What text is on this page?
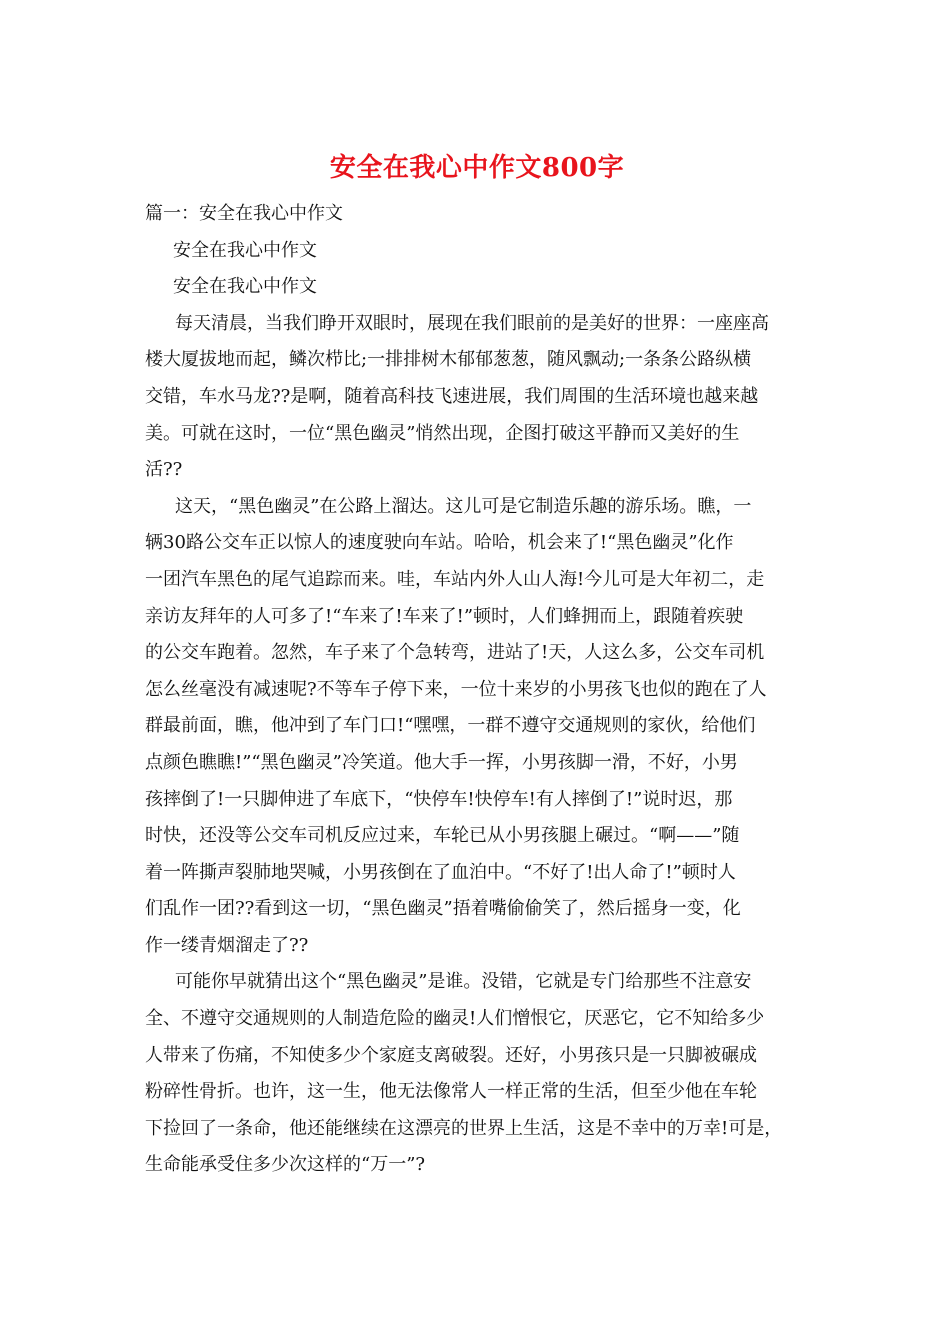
安全在我心中作文800字

篇一：安全在我心中作文

安全在我心中作文

安全在我心中作文

每天清晨，当我们睁开双眼时，展现在我们眼前的是美好的世界：一座座高

楼大厦拔地而起，鳞次栉比;一排排树木郁郁葱葱，随风飘动;一条条公路纵横

交错，车水马龙??是啊，随着高科技飞速进展，我们周围的生活环境也越来越

美。可就在这时，一位“黑色幽灵”悄然出现，企图打破这平静而又美好的生

活??

这天，“黑色幽灵”在公路上溜达。这儿可是它制造乐趣的游乐场。瞧，一

辆30路公交车正以惊人的速度驶向车站。哈哈，机会来了!“黑色幽灵”化作

一团汽车黑色的尾气追踪而来。哇，车站内外人山人海!今儿可是大年初二，走

亲访友拜年的人可多了!“车来了!车来了!”顿时，人们蜂拥而上，跟随着疾驶

的公交车跑着。忽然，车子来了个急转弯，进站了!天，人这么多，公交车司机

怎么丝毫没有减速呢?不等车子停下来，一位十来岁的小男孩飞也似的跑在了人

群最前面，瞧，他冲到了车门口!“嘿嘿，一群不遵守交通规则的家伙，给他们

点颜色瞧瞧!”“黑色幽灵”冷笑道。他大手一挥，小男孩脚一滑，不好，小男

孩摔倒了!一只脚伸进了车底下，“快停车!快停车!有人摔倒了!”说时迟，那

时快，还没等公交车司机反应过来，车轮已从小男孩腿上碾过。“啊——”随

着一阵撕声裂肺地哭喊，小男孩倒在了血泊中。“不好了!出人命了!”顿时人

们乱作一团??看到这一切，“黑色幽灵”捂着嘴偷偷笑了，然后摇身一变，化

作一缕青烟溜走了??

可能你早就猜出这个“黑色幽灵”是谁。没错，它就是专门给那些不注意安

全、不遵守交通规则的人制造危险的幽灵!人们憎恨它，厌恶它，它不知给多少

人带来了伤痛，不知使多少个家庭支离破裂。还好，小男孩只是一只脚被碾成

粉碎性骨折。也许，这一生，他无法像常人一样正常的生活，但至少他在车轮

下捡回了一条命，他还能继续在这漂亮的世界上生活，这是不幸中的万幸!可是，

生命能承受住多少次这样的“万一”?
